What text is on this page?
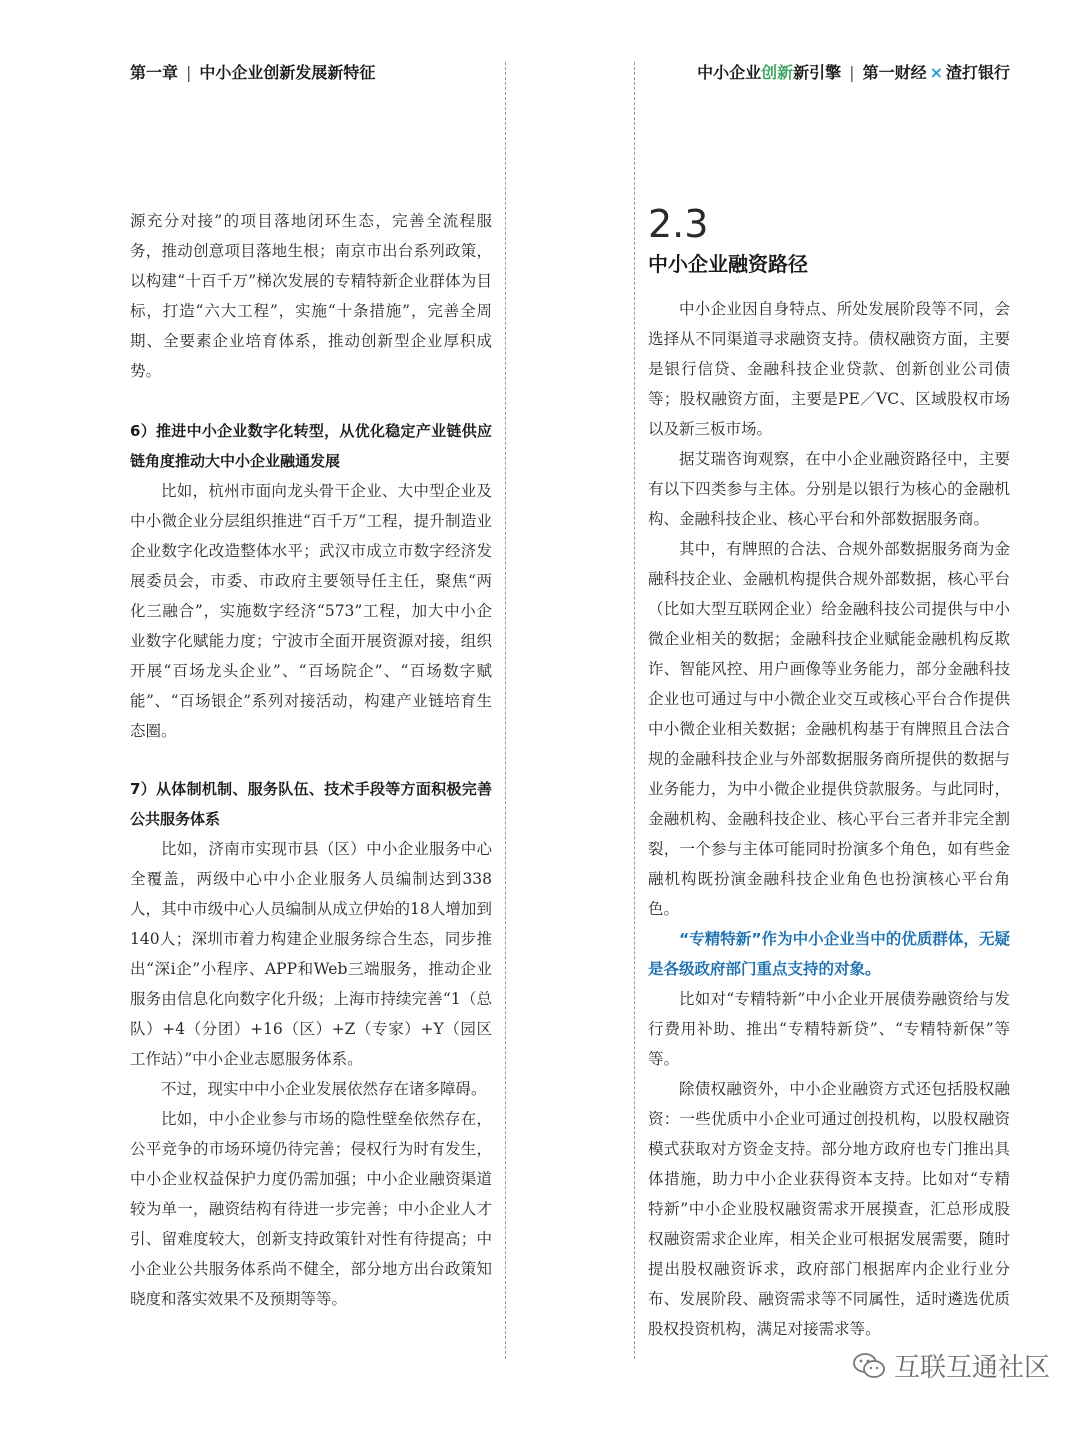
第一章 | 中小企业创新发展新特征	中小企业创新新引擎 | 第一财经 × 渣打银行

源充分对接”的项目落地闭环生态，完善全流程服务，推动创意项目落地生根；南京市出台系列政策，以构建“十百千万”梯次发展的专精特新企业群体为目标，打造“六大工程”，实施“十条措施”，完善全周期、全要素企业培育体系，推动创新型企业厚积成势。

6）推进中小企业数字化转型，从优化稳定产业链供应链角度推动大中小企业融通发展

比如，杭州市面向龙头骨干企业、大中型企业及中小微企业分层组织推进“百千万”工程，提升制造业企业数字化改造整体水平；武汉市成立市数字经济发展委员会，市委、市政府主要领导任主任，聚焦“两化三融合”，实施数字经济“573”工程，加大中小企业数字化赋能力度；宁波市全面开展资源对接，组织开展“百场龙头企业”、“百场院企”、“百场数字赋能”、“百场银企”系列对接活动，构建产业链培育生态圈。

7）从体制机制、服务队伍、技术手段等方面积极完善公共服务体系

比如，济南市实现市县（区）中小企业服务中心全覆盖，两级中心中小企业服务人员编制达到338人，其中市级中心人员编制从成立伊始的18人增加到140人；深圳市着力构建企业服务综合生态，同步推出“深i企”小程序、APP和Web三端服务，推动企业服务由信息化向数字化升级；上海市持续完善“1（总队）+4（分团）+16（区）+Z（专家）+Y（园区工作站）”中小企业志愿服务体系。

不过，现实中中小企业发展依然存在诸多障碍。

比如，中小企业参与市场的隐性壁垒依然存在，公平竞争的市场环境仍待完善；侵权行为时有发生，中小企业权益保护力度仍需加强；中小企业融资渠道较为单一，融资结构有待进一步完善；中小企业人才引、留难度较大，创新支持政策针对性有待提高；中小企业公共服务体系尚不健全，部分地方出台政策知晓度和落实效果不及预期等等。

2.3
中小企业融资路径

中小企业因自身特点、所处发展阶段等不同，会选择从不同渠道寻求融资支持。债权融资方面，主要是银行信贷、金融科技企业贷款、创新创业公司债等；股权融资方面，主要是PE／VC、区域股权市场以及新三板市场。

据艾瑞咨询观察，在中小企业融资路径中，主要有以下四类参与主体。分别是以银行为核心的金融机构、金融科技企业、核心平台和外部数据服务商。

其中，有牌照的合法、合规外部数据服务商为金融科技企业、金融机构提供合规外部数据，核心平台（比如大型互联网企业）给金融科技公司提供与中小微企业相关的数据；金融科技企业赋能金融机构反欺诈、智能风控、用户画像等业务能力，部分金融科技企业也可通过与中小微企业交互或核心平台合作提供中小微企业相关数据；金融机构基于有牌照且合法合规的金融科技企业与外部数据服务商所提供的数据与业务能力，为中小微企业提供贷款服务。与此同时，金融机构、金融科技企业、核心平台三者并非完全割裂，一个参与主体可能同时扮演多个角色，如有些金融机构既扮演金融科技企业角色也扮演核心平台角色。

“专精特新”作为中小企业当中的优质群体，无疑是各级政府部门重点支持的对象。

比如对“专精特新”中小企业开展债券融资给与发行费用补助、推出“专精特新贷”、“专精特新保”等等。

除债权融资外，中小企业融资方式还包括股权融资：一些优质中小企业可通过创投机构，以股权融资模式获取对方资金支持。部分地方政府也专门推出具体措施，助力中小企业获得资本支持。比如对“专精特新”中小企业股权融资需求开展摸查，汇总形成股权融资需求企业库，相关企业可根据发展需要，随时提出股权融资诉求，政府部门根据库内企业行业分布、发展阶段、融资需求等不同属性，适时遴选优质股权投资机构，满足对接需求等。

互联互通社区
